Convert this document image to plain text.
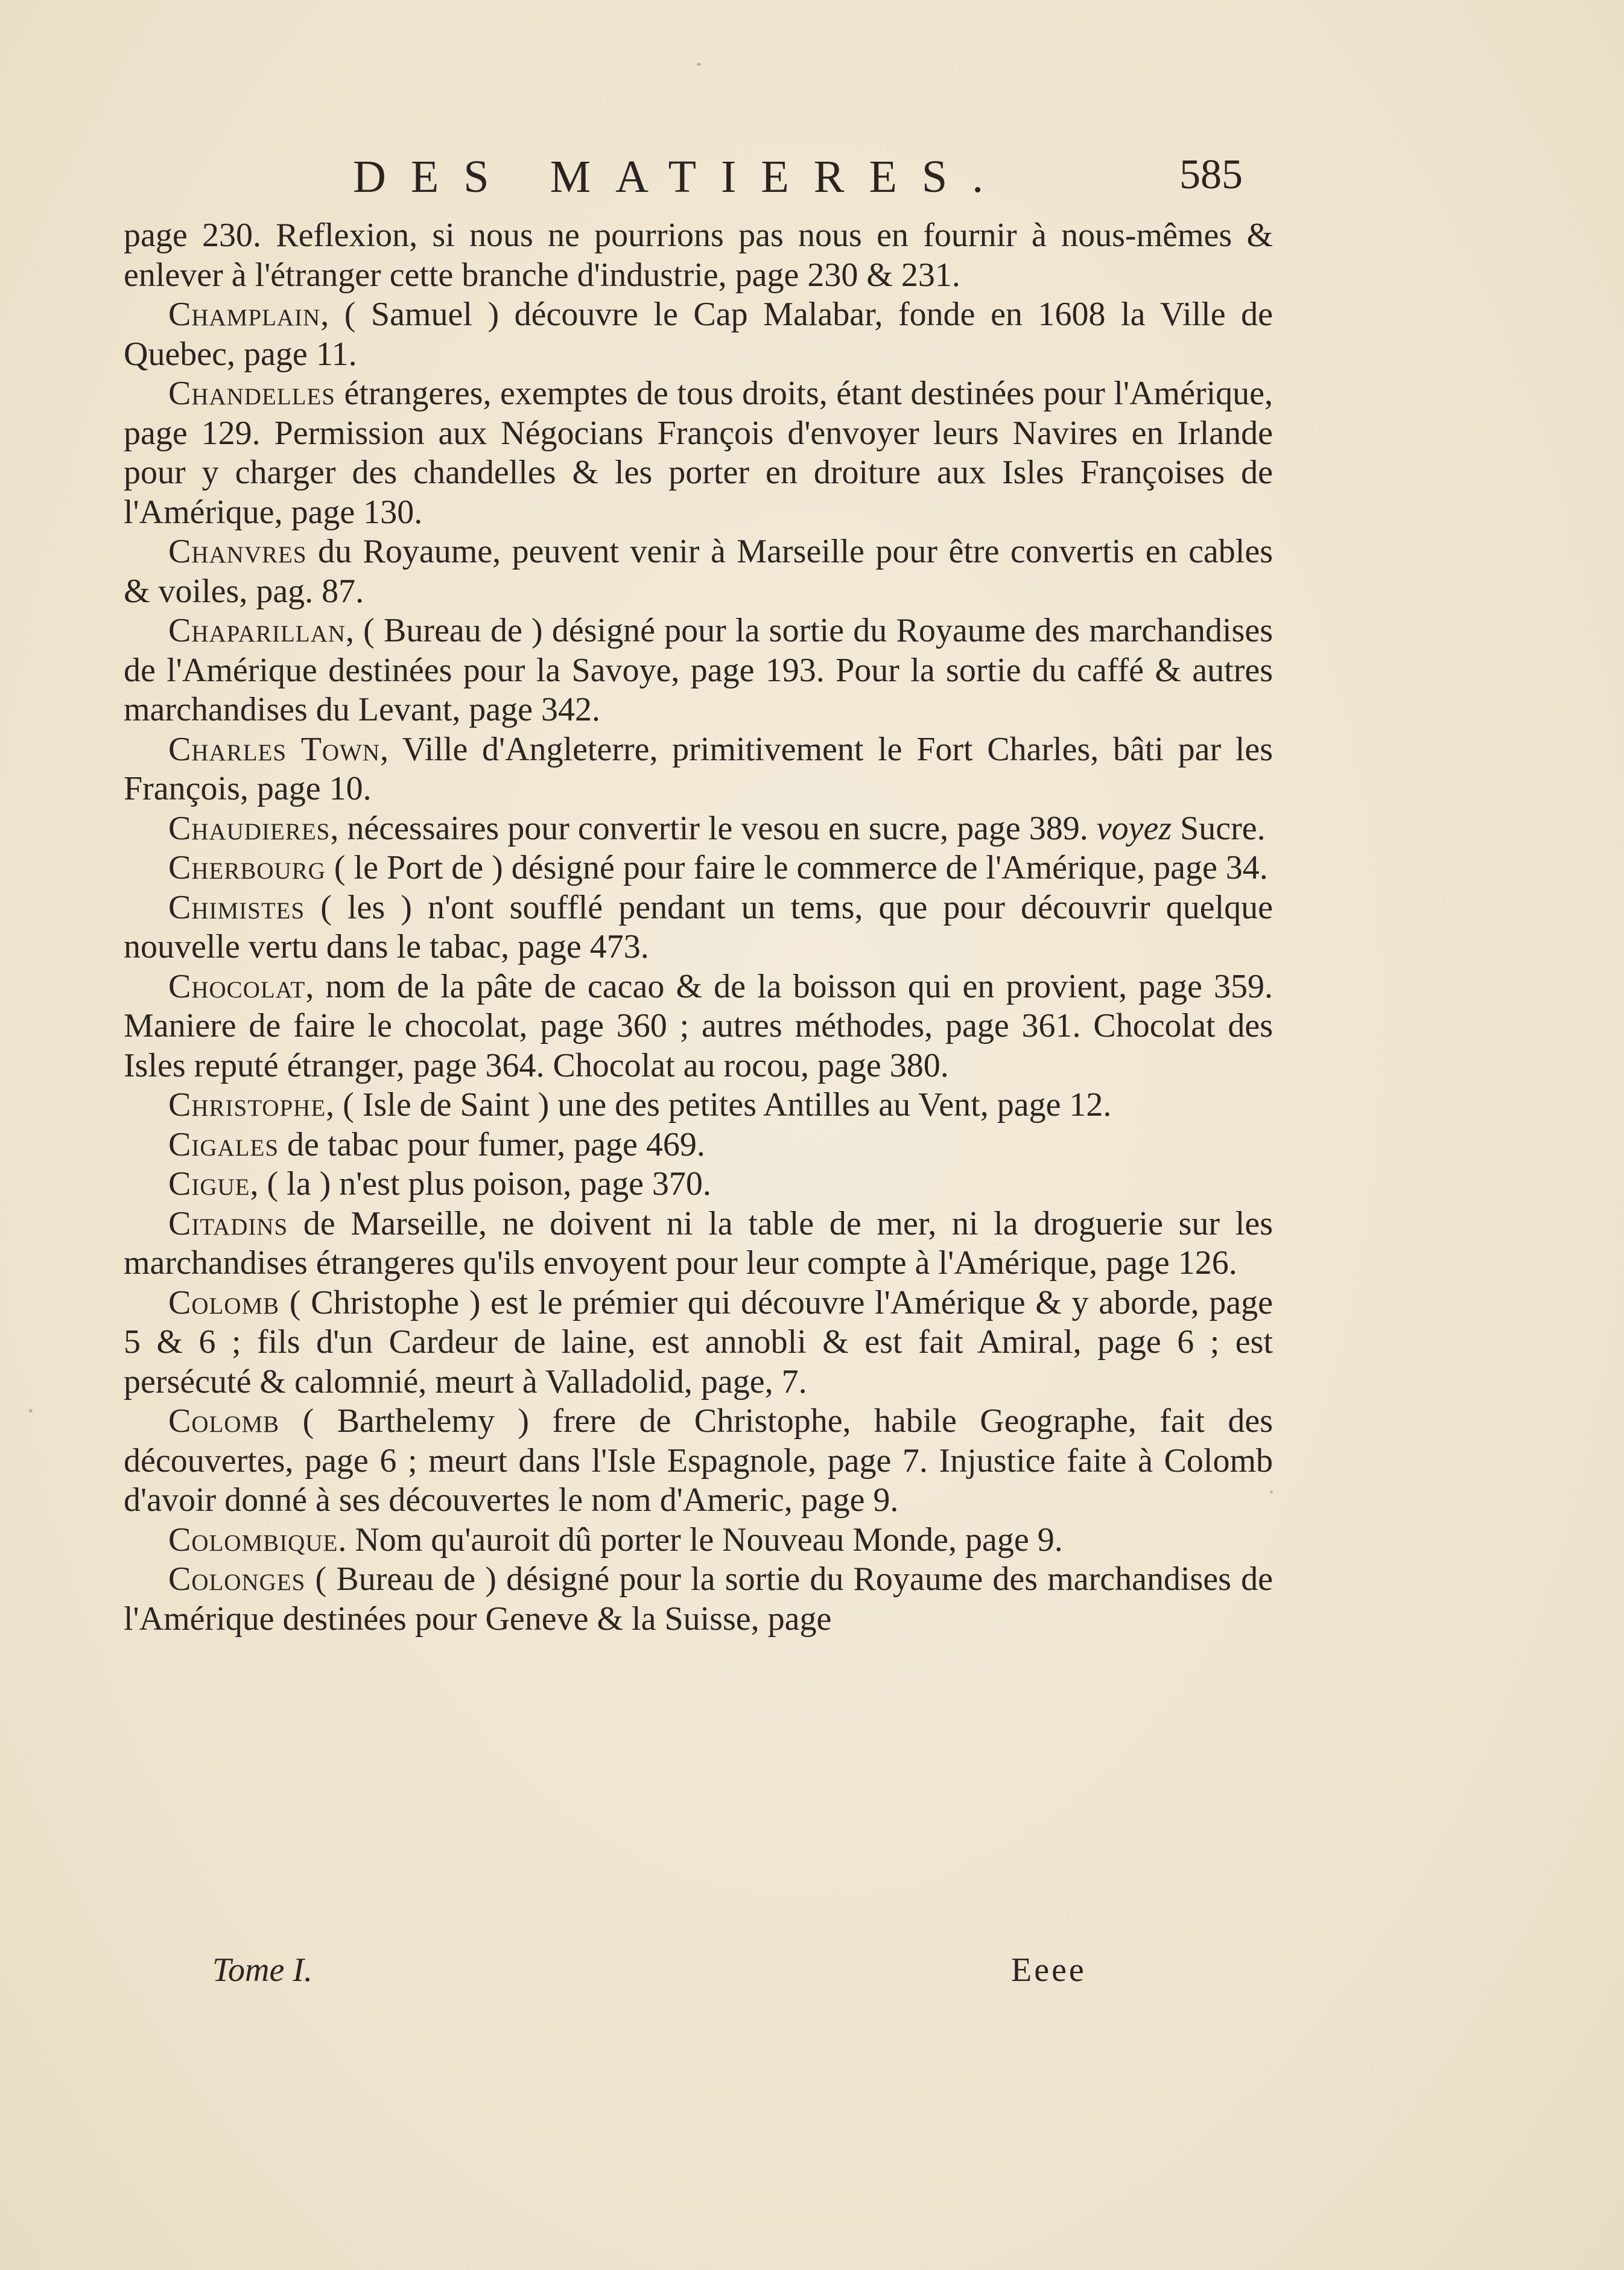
DES MATIERES.	585

page 230. Reflexion, si nous ne pourrions pas nous en fournir à nous-mêmes & enlever à l'étranger cette branche d'industrie, page 230 & 231.

Champlain, ( Samuel ) découvre le Cap Malabar, fonde en 1608 la Ville de Quebec, page 11.

Chandelles étrangeres, exemptes de tous droits, étant destinées pour l'Amérique, page 129. Permission aux Négocians François d'envoyer leurs Navires en Irlande pour y charger des chandelles & les porter en droiture aux Isles Françoises de l'Amérique, page 130.

Chanvres du Royaume, peuvent venir à Marseille pour être convertis en cables & voiles, pag. 87.

Chaparillan, ( Bureau de ) désigné pour la sortie du Royaume des marchandises de l'Amérique destinées pour la Savoye, page 193. Pour la sortie du caffé & autres marchandises du Levant, page 342.

Charles Town, Ville d'Angleterre, primitivement le Fort Charles, bâti par les François, page 10.

Chaudieres, nécessaires pour convertir le vesou en sucre, page 389. voyez Sucre.

Cherbourg ( le Port de ) désigné pour faire le commerce de l'Amérique, page 34.

Chimistes ( les ) n'ont soufflé pendant un tems, que pour découvrir quelque nouvelle vertu dans le tabac, page 473.

Chocolat, nom de la pâte de cacao & de la boisson qui en provient, page 359. Maniere de faire le chocolat, page 360 ; autres méthodes, page 361. Chocolat des Isles reputé étranger, page 364. Chocolat au rocou, page 380.

Christophe, ( Isle de Saint ) une des petites Antilles au Vent, page 12.

Cigales de tabac pour fumer, page 469.

Cigue, ( la ) n'est plus poison, page 370.

Citadins de Marseille, ne doivent ni la table de mer, ni la droguerie sur les marchandises étrangeres qu'ils envoyent pour leur compte à l'Amérique, page 126.

Colomb ( Christophe ) est le prémier qui découvre l'Amérique & y aborde, page 5 & 6 ; fils d'un Cardeur de laine, est annobli & est fait Amiral, page 6 ; est persécuté & calomnié, meurt à Valladolid, page, 7.

Colomb ( Barthelemy ) frere de Christophe, habile Geographe, fait des découvertes, page 6 ; meurt dans l'Isle Espagnole, page 7. Injustice faite à Colomb d'avoir donné à ses découvertes le nom d'Americ, page 9.

Colombique. Nom qu'auroit dû porter le Nouveau Monde, page 9.

Colonges ( Bureau de ) désigné pour la sortie du Royaume des marchandises de l'Amérique destinées pour Geneve & la Suisse, page

Tome I.	Eeee
